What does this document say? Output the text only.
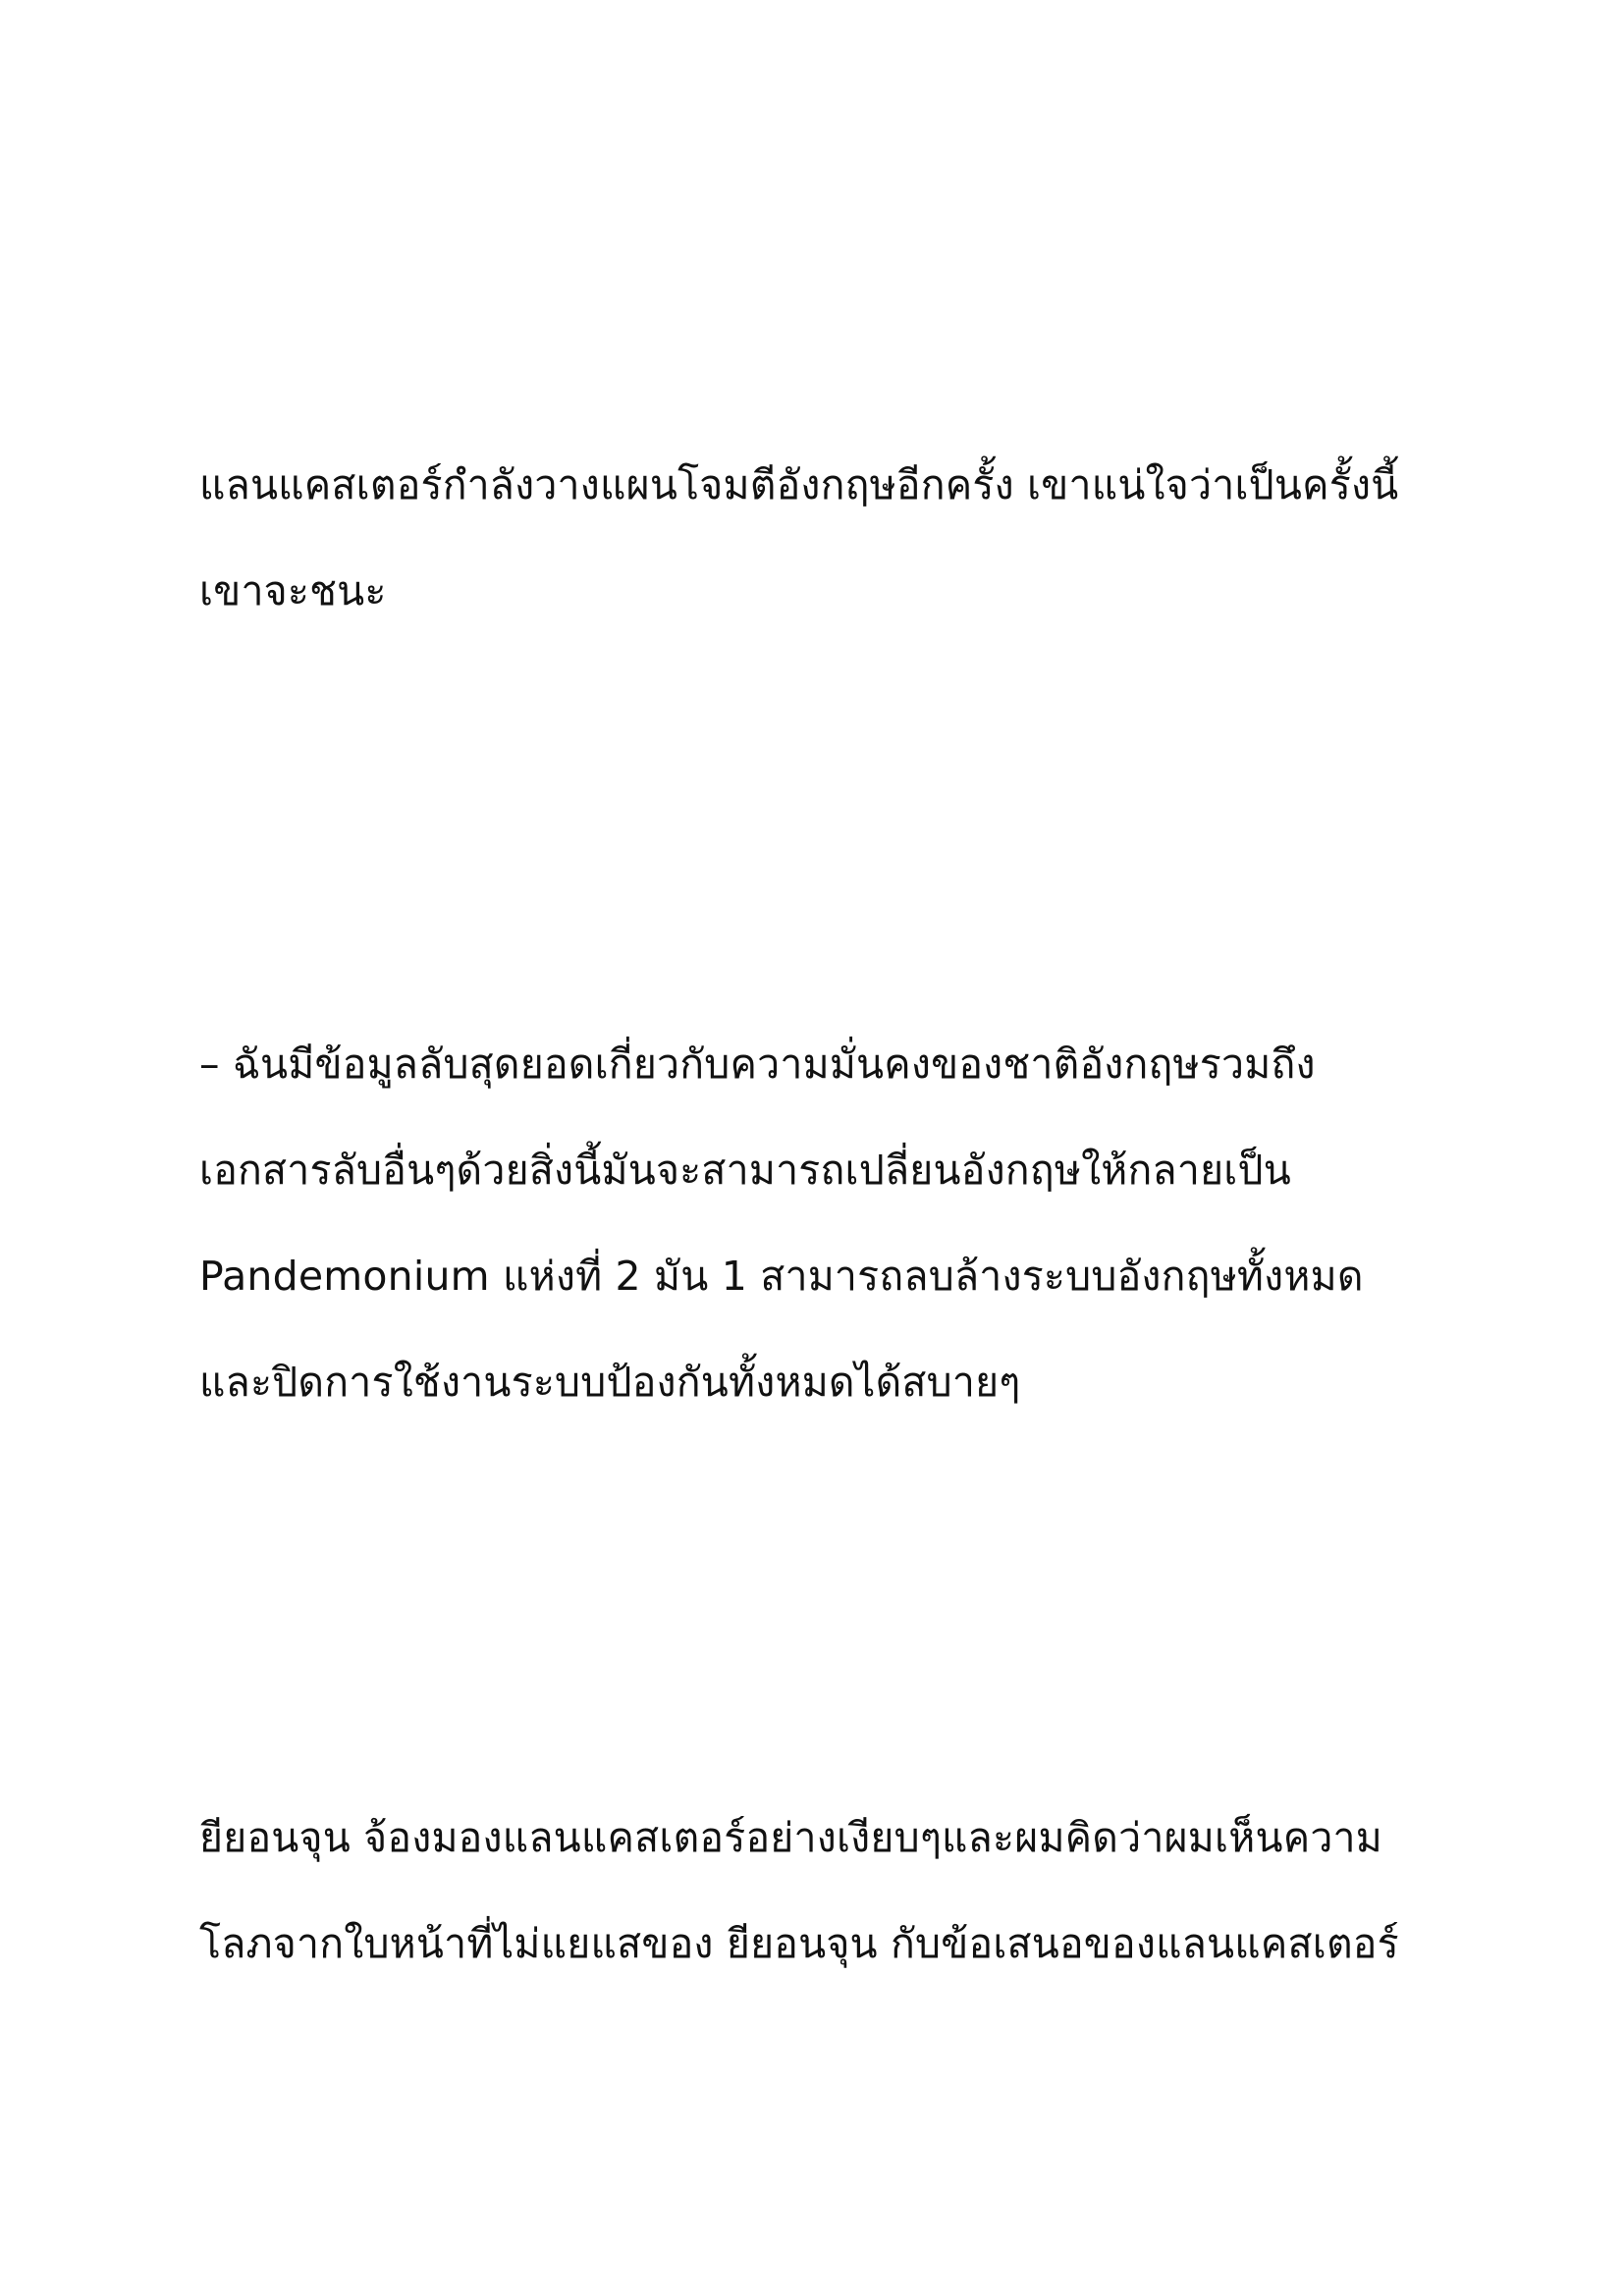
แลนแคสเตอร์กำลังวางแผนโจมตีอังกฤษอีกครั้ง เขาแน่ใจว่าเป็นครั้งนี้
เขาจะชนะ
– ฉันมีข้อมูลลับสุดยอดเกี่ยวกับความมั่นคงของชาติอังกฤษรวมถึง
เอกสารลับอื่นๆด้วยสิ่งนี้มันจะสามารถเปลี่ยนอังกฤษให้กลายเป็น
Pandemonium แห่งที่ 2 มัน 1 สามารถลบล้างระบบอังกฤษทั้งหมด
และปิดการใช้งานระบบป้องกันทั้งหมดได้สบายๆ
ยียอนจุน จ้องมองแลนแคสเตอร์อย่างเงียบๆและผมคิดว่าผมเห็นความ
โลภจากใบหน้าที่ไม่แยแสของ ยียอนจุน กับข้อเสนอของแลนแคสเตอร์
